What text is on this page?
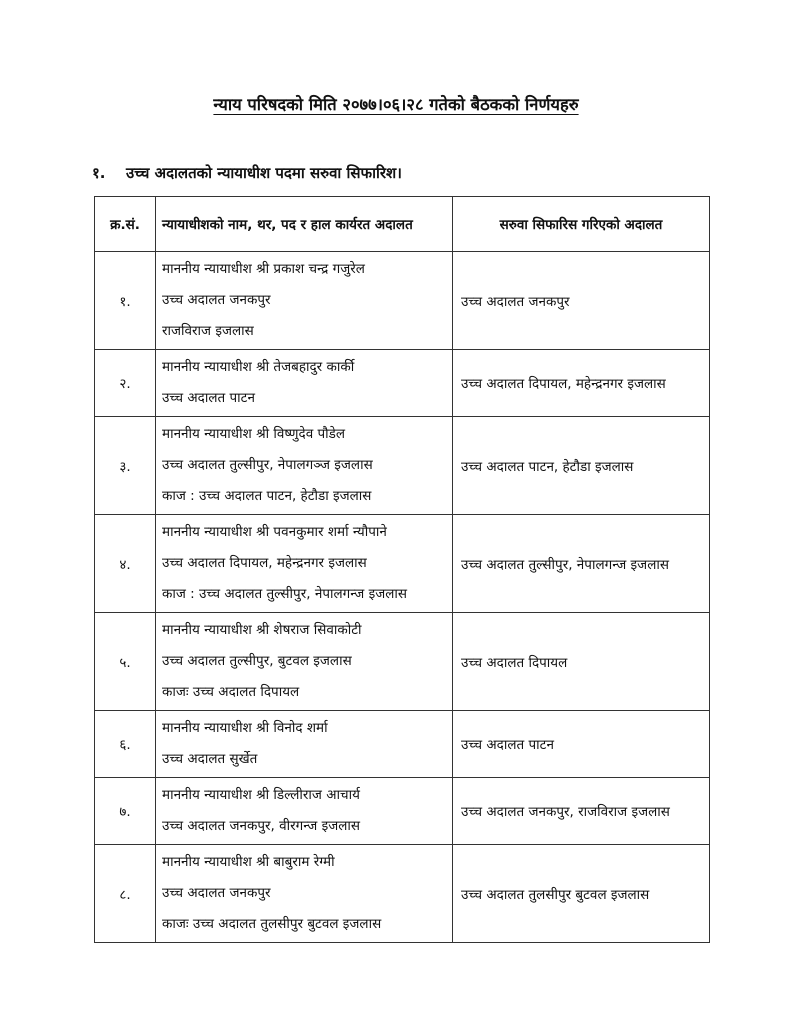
न्याय परिषदको मिति २०७७।०६।२८ गतेको बैठकको निर्णयहरु
१. उच्च अदालतको न्यायाधीश पदमा सरुवा सिफारिश।
क्र.सं.	न्यायाधीशको नाम, थर, पद र हाल कार्यरत अदालत	सरुवा सिफारिस गरिएको अदालत
१.	माननीय न्यायाधीश श्री प्रकाश चन्द्र गजुरेल
उच्च अदालत जनकपुर
राजविराज इजलास	उच्च अदालत जनकपुर
२.	माननीय न्यायाधीश श्री तेजबहादुर कार्की
उच्च अदालत पाटन	उच्च अदालत दिपायल, महेन्द्रनगर इजलास
३.	माननीय न्यायाधीश श्री विष्णुदेव पौडेल
उच्च अदालत तुल्सीपुर, नेपालगञ्ज इजलास
काज : उच्च अदालत पाटन, हेटौडा इजलास	उच्च अदालत पाटन, हेटौडा इजलास
४.	माननीय न्यायाधीश श्री पवनकुमार शर्मा न्यौपाने
उच्च अदालत दिपायल, महेन्द्रनगर इजलास
काज : उच्च अदालत तुल्सीपुर, नेपालगन्ज इजलास	उच्च अदालत तुल्सीपुर, नेपालगन्ज इजलास
५.	माननीय न्यायाधीश श्री शेषराज सिवाकोटी
उच्च अदालत तुल्सीपुर, बुटवल इजलास
काजः उच्च अदालत दिपायल	उच्च अदालत दिपायल
६.	माननीय न्यायाधीश श्री विनोद शर्मा
उच्च अदालत सुर्खेत	उच्च अदालत पाटन
७.	माननीय न्यायाधीश श्री डिल्लीराज आचार्य
उच्च अदालत जनकपुर, वीरगन्ज इजलास	उच्च अदालत जनकपुर, राजविराज इजलास
८.	माननीय न्यायाधीश श्री बाबुराम रेग्मी
उच्च अदालत जनकपुर
काजः उच्च अदालत तुलसीपुर बुटवल इजलास	उच्च अदालत तुलसीपुर बुटवल इजलास
